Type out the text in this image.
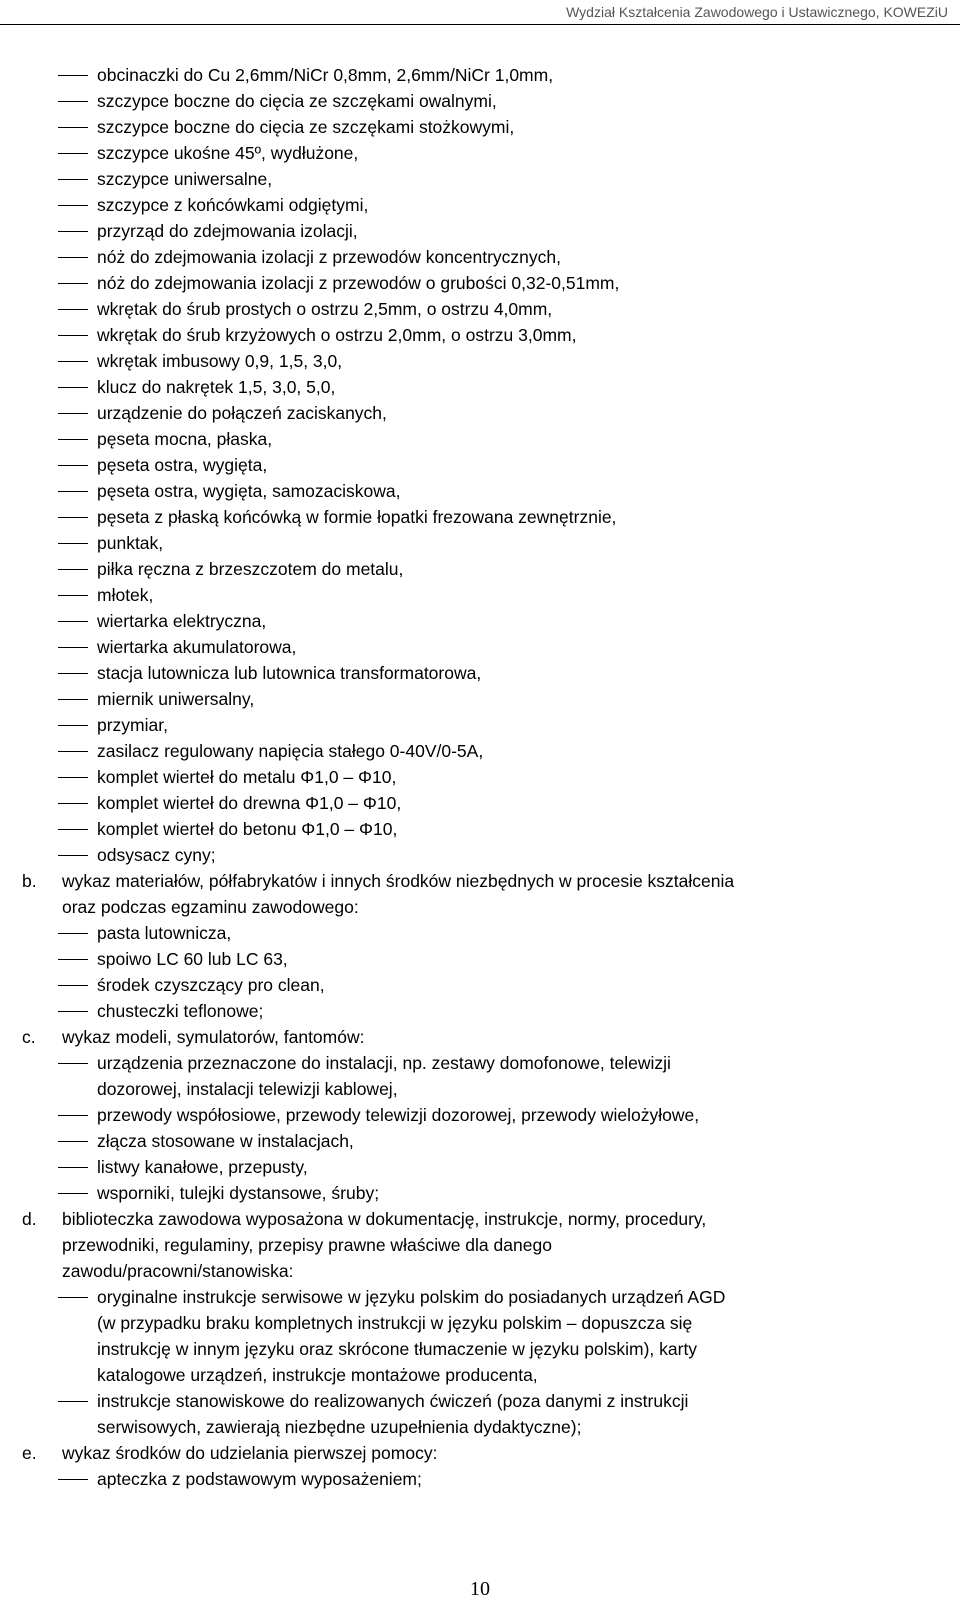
Wydział Kształcenia Zawodowego i Ustawicznego, KOWEZiU
obcinaczki do Cu 2,6mm/NiCr 0,8mm, 2,6mm/NiCr 1,0mm,
szczypce boczne do cięcia ze szczękami owalnymi,
szczypce boczne do cięcia ze szczękami stożkowymi,
szczypce ukośne 45º, wydłużone,
szczypce uniwersalne,
szczypce z końcówkami odgiętymi,
przyrząd do zdejmowania izolacji,
nóż do zdejmowania izolacji z przewodów koncentrycznych,
nóż do zdejmowania izolacji z przewodów o grubości 0,32-0,51mm,
wkrętak do śrub prostych o ostrzu 2,5mm, o ostrzu 4,0mm,
wkrętak do śrub krzyżowych o ostrzu 2,0mm, o ostrzu 3,0mm,
wkrętak imbusowy 0,9, 1,5, 3,0,
klucz do nakrętek 1,5, 3,0, 5,0,
urządzenie do połączeń zaciskanych,
pęseta mocna, płaska,
pęseta ostra, wygięta,
pęseta ostra, wygięta, samozaciskowa,
pęseta z płaską końcówką w formie łopatki frezowana zewnętrznie,
punktak,
piłka ręczna z brzeszczotem do metalu,
młotek,
wiertarka elektryczna,
wiertarka akumulatorowa,
stacja lutownicza lub lutownica transformatorowa,
miernik uniwersalny,
przymiar,
zasilacz regulowany napięcia stałego 0-40V/0-5A,
komplet wierteł do metalu Φ1,0 – Φ10,
komplet wierteł do drewna Φ1,0 – Φ10,
komplet wierteł do betonu Φ1,0 – Φ10,
odsysacz cyny;
b. wykaz materiałów, półfabrykatów i innych środków niezbędnych w procesie kształcenia
oraz podczas egzaminu zawodowego:
pasta lutownicza,
spoiwo LC 60 lub LC 63,
środek czyszczący pro clean,
chusteczki teflonowe;
c. wykaz modeli, symulatorów, fantomów:
urządzenia przeznaczone do instalacji, np. zestawy domofonowe, telewizji
dozorowej, instalacji telewizji kablowej,
przewody współosiowe, przewody telewizji dozorowej, przewody wielożyłowe,
złącza stosowane w instalacjach,
listwy kanałowe, przepusty,
wsporniki, tulejki dystansowe, śruby;
d. biblioteczka zawodowa wyposażona w dokumentację, instrukcje, normy, procedury,
przewodniki, regulaminy, przepisy prawne właściwe dla danego
zawodu/pracowni/stanowiska:
oryginalne instrukcje serwisowe w języku polskim do posiadanych urządzeń AGD
(w przypadku braku kompletnych instrukcji w języku polskim – dopuszcza się
instrukcję w innym języku oraz skrócone tłumaczenie w języku polskim), karty
katalogowe urządzeń, instrukcje montażowe producenta,
instrukcje stanowiskowe do realizowanych ćwiczeń (poza danymi z instrukcji
serwisowych, zawierają niezbędne uzupełnienia dydaktyczne);
e. wykaz środków do udzielania pierwszej pomocy:
apteczka z podstawowym wyposażeniem;
10
